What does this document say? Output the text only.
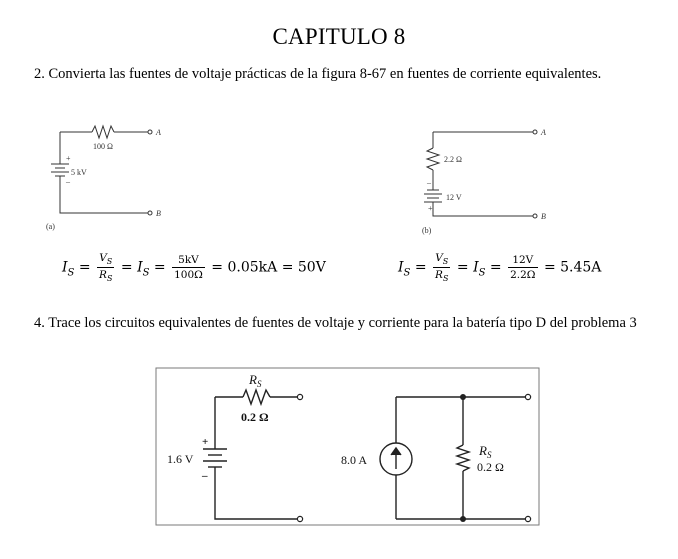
CAPITULO 8
2. Convierta las fuentes de voltaje prácticas de la figura 8-67 en fuentes de corriente equivalentes.
100 Ω
5 kV
+
–
A
B
(a)
2.2 Ω
12 V
–
+
A
B
(b)
$I_S = \frac{V_S}{R_S} = I_S = \frac{5kV}{100\Omega} = 0.05kA = 50V$	$I_S = \frac{V_S}{R_S} = I_S = \frac{12V}{2.2\Omega} = 5.45A$
4. Trace los circuitos equivalentes de fuentes de voltaje y corriente para la batería tipo D del problema 3
$R_S$
0.2 Ω
1.6 V
+
–
8.0 A
$R_S$
0.2 Ω
